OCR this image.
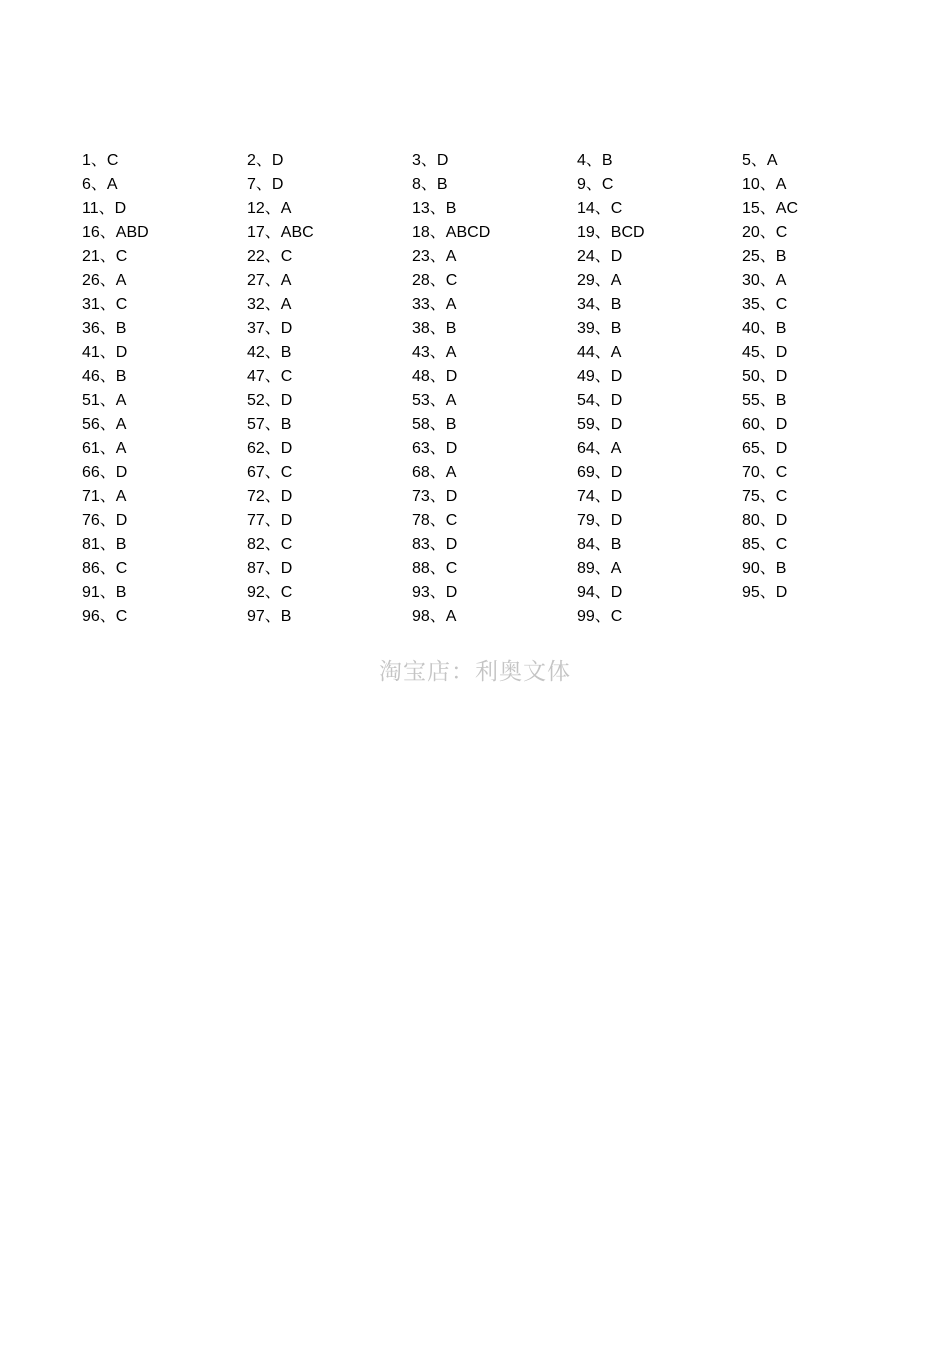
1、C	2、D	3、D	4、B	5、A
6、A	7、D	8、B	9、C	10、A
11、D	12、A	13、B	14、C	15、AC
16、ABD	17、ABC	18、ABCD	19、BCD	20、C
21、C	22、C	23、A	24、D	25、B
26、A	27、A	28、C	29、A	30、A
31、C	32、A	33、A	34、B	35、C
36、B	37、D	38、B	39、B	40、B
41、D	42、B	43、A	44、A	45、D
46、B	47、C	48、D	49、D	50、D
51、A	52、D	53、A	54、D	55、B
56、A	57、B	58、B	59、D	60、D
61、A	62、D	63、D	64、A	65、D
66、D	67、C	68、A	69、D	70、C
71、A	72、D	73、D	74、D	75、C
76、D	77、D	78、C	79、D	80、D
81、B	82、C	83、D	84、B	85、C
86、C	87、D	88、C	89、A	90、B
91、B	92、C	93、D	94、D	95、D
96、C	97、B	98、A	99、C
淘宝店：利奥文体
